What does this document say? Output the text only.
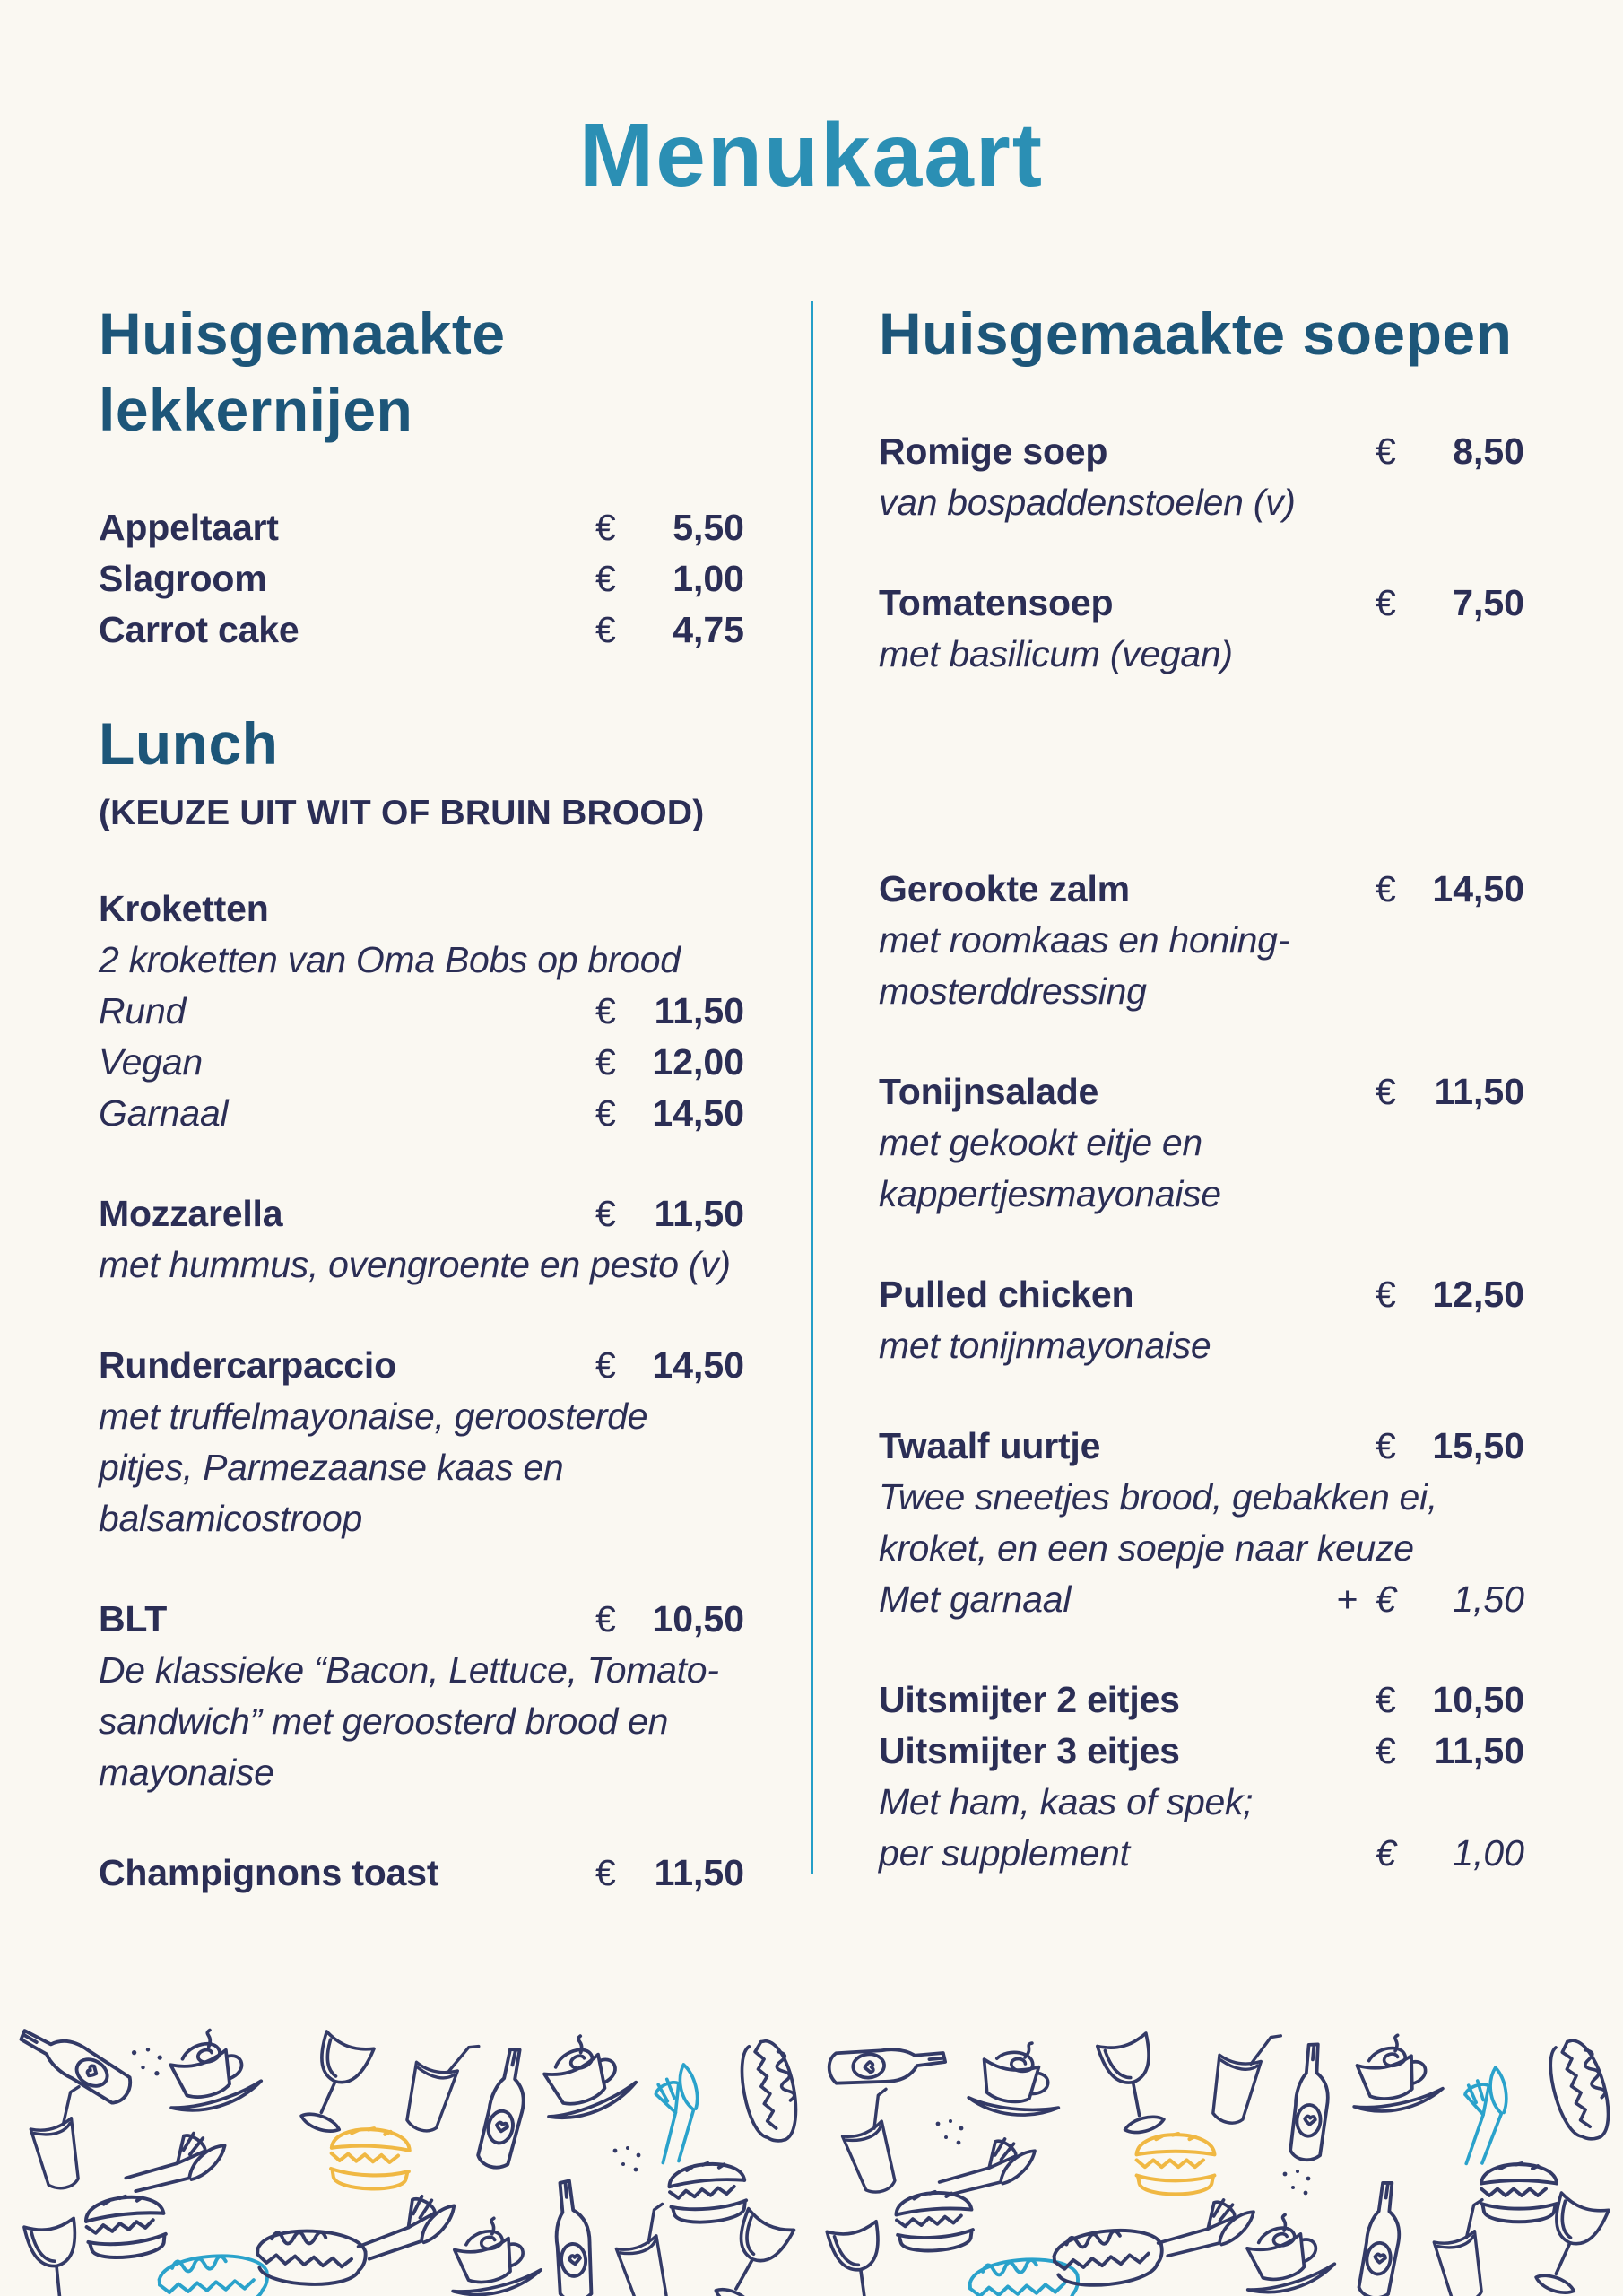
Menukaart
Huisgemaakte lekkernijen
Appeltaart	€	5,50
Slagroom	€	1,00
Carrot cake	€	4,75
Lunch
(KEUZE UIT WIT OF BRUIN BROOD)
Kroketten
2 kroketten van Oma Bobs op brood
Rund	€	11,50
Vegan	€ 12,00
Garnaal	€ 14,50
Mozzarella	€	11,50
met hummus, ovengroente en pesto (v)
Rundercarpaccio	€ 14,50
met truffelmayonaise, geroosterde
pitjes, Parmezaanse kaas en
balsamicostroop
BLT	€ 10,50
De klassieke “Bacon, Lettuce, Tomato-
sandwich” met geroosterd brood en
mayonaise
Champignons toast	€	11,50
Huisgemaakte soepen
Romige soep	€	8,50
van bospaddenstoelen (v)
Tomatensoep	€	7,50
met basilicum (vegan)
Gerookte zalm	€ 14,50
met roomkaas en honing-
mosterddressing
Tonijnsalade	€	11,50
met gekookt eitje en
kappertjesmayonaise
Pulled chicken	€ 12,50
met tonijnmayonaise
Twaalf uurtje	€ 15,50
Twee sneetjes brood, gebakken ei,
kroket, en een soepje naar keuze
Met garnaal	+ €	1,50
Uitsmijter 2 eitjes	€ 10,50
Uitsmijter 3 eitjes	€	11,50
Met ham, kaas of spek;
per supplement	€	1,00
